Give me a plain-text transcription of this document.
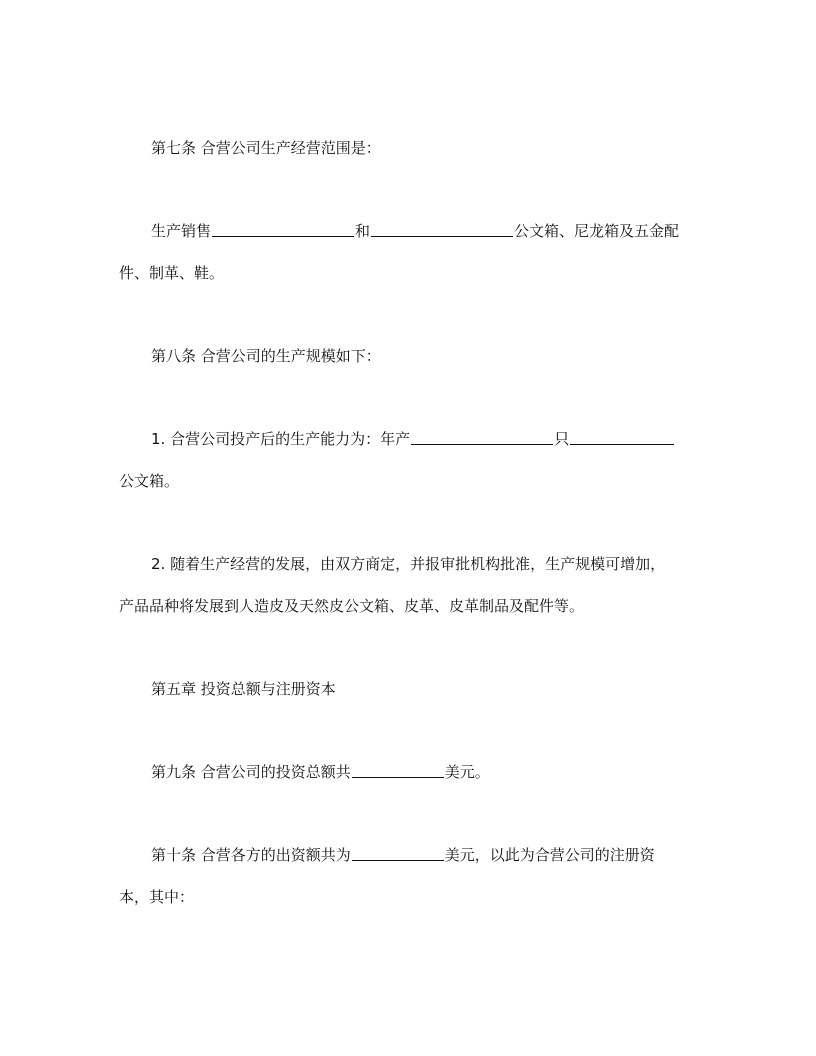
第七条 合营公司生产经营范围是：
生产销售	和	公文箱、尼龙箱及五金配
件、制革、鞋。
第八条 合营公司的生产规模如下：
1. 合营公司投产后的生产能力为：年产	只
公文箱。
2. 随着生产经营的发展，由双方商定，并报审批机构批准，生产规模可增加，
产品品种将发展到人造皮及天然皮公文箱、皮革、皮革制品及配件等。
第五章 投资总额与注册资本
第九条 合营公司的投资总额共	美元。
第十条 合营各方的出资额共为	美元，以此为合营公司的注册资
本，其中：
